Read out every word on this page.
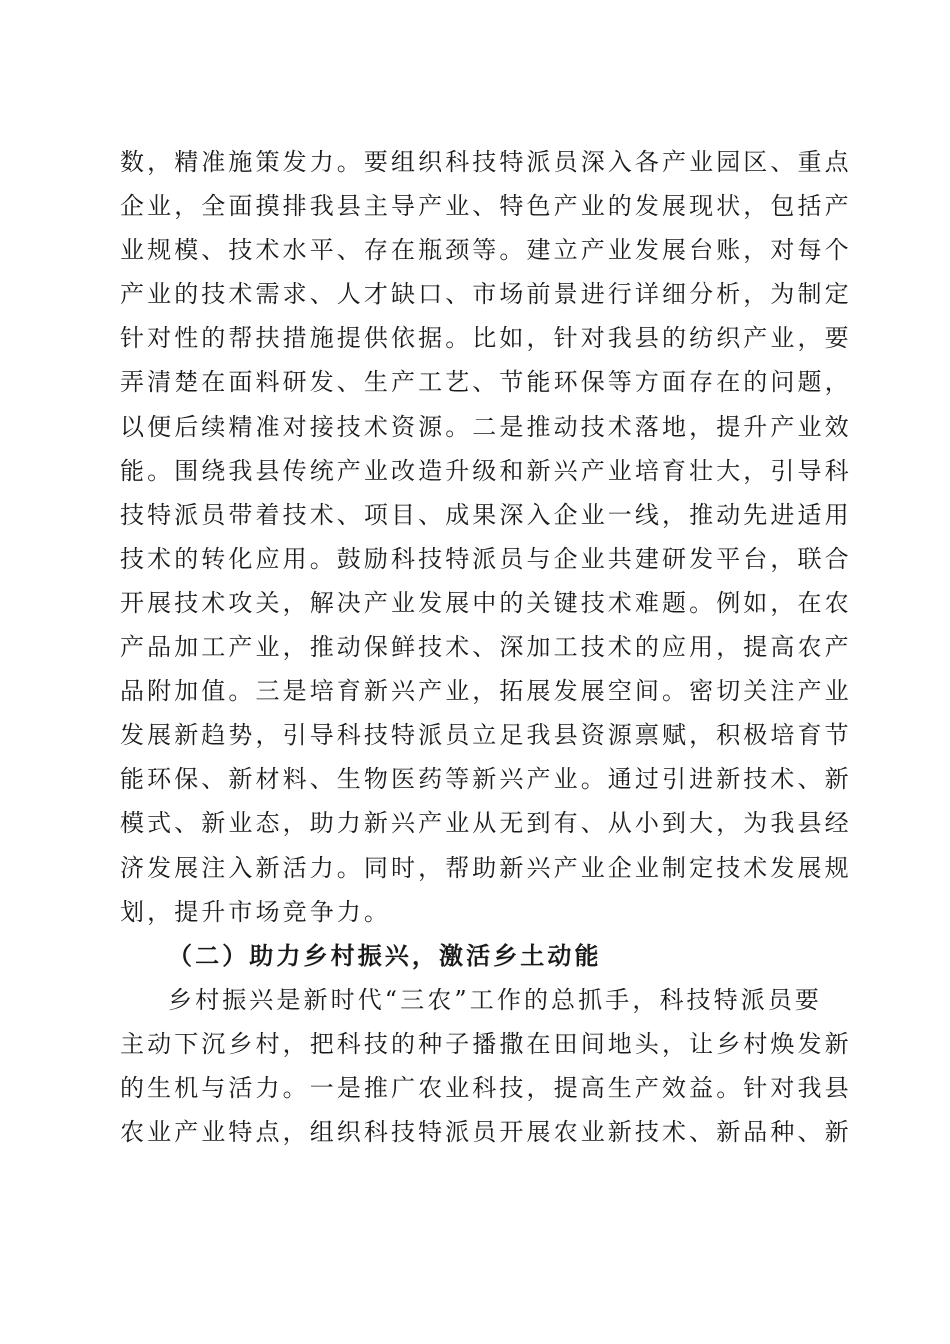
数，精准施策发力。要组织科技特派员深入各产业园区、重点
企业，全面摸排我县主导产业、特色产业的发展现状，包括产
业规模、技术水平、存在瓶颈等。建立产业发展台账，对每个
产业的技术需求、人才缺口、市场前景进行详细分析，为制定
针对性的帮扶措施提供依据。比如，针对我县的纺织产业，要
弄清楚在面料研发、生产工艺、节能环保等方面存在的问题，
以便后续精准对接技术资源。二是推动技术落地，提升产业效
能。围绕我县传统产业改造升级和新兴产业培育壮大，引导科
技特派员带着技术、项目、成果深入企业一线，推动先进适用
技术的转化应用。鼓励科技特派员与企业共建研发平台，联合
开展技术攻关，解决产业发展中的关键技术难题。例如，在农
产品加工产业，推动保鲜技术、深加工技术的应用，提高农产
品附加值。三是培育新兴产业，拓展发展空间。密切关注产业
发展新趋势，引导科技特派员立足我县资源禀赋，积极培育节
能环保、新材料、生物医药等新兴产业。通过引进新技术、新
模式、新业态，助力新兴产业从无到有、从小到大，为我县经
济发展注入新活力。同时，帮助新兴产业企业制定技术发展规
划，提升市场竞争力。
（二）助力乡村振兴，激活乡土动能
乡村振兴是新时代“三农”工作的总抓手，科技特派员要
主动下沉乡村，把科技的种子播撒在田间地头，让乡村焕发新
的生机与活力。一是推广农业科技，提高生产效益。针对我县
农业产业特点，组织科技特派员开展农业新技术、新品种、新
